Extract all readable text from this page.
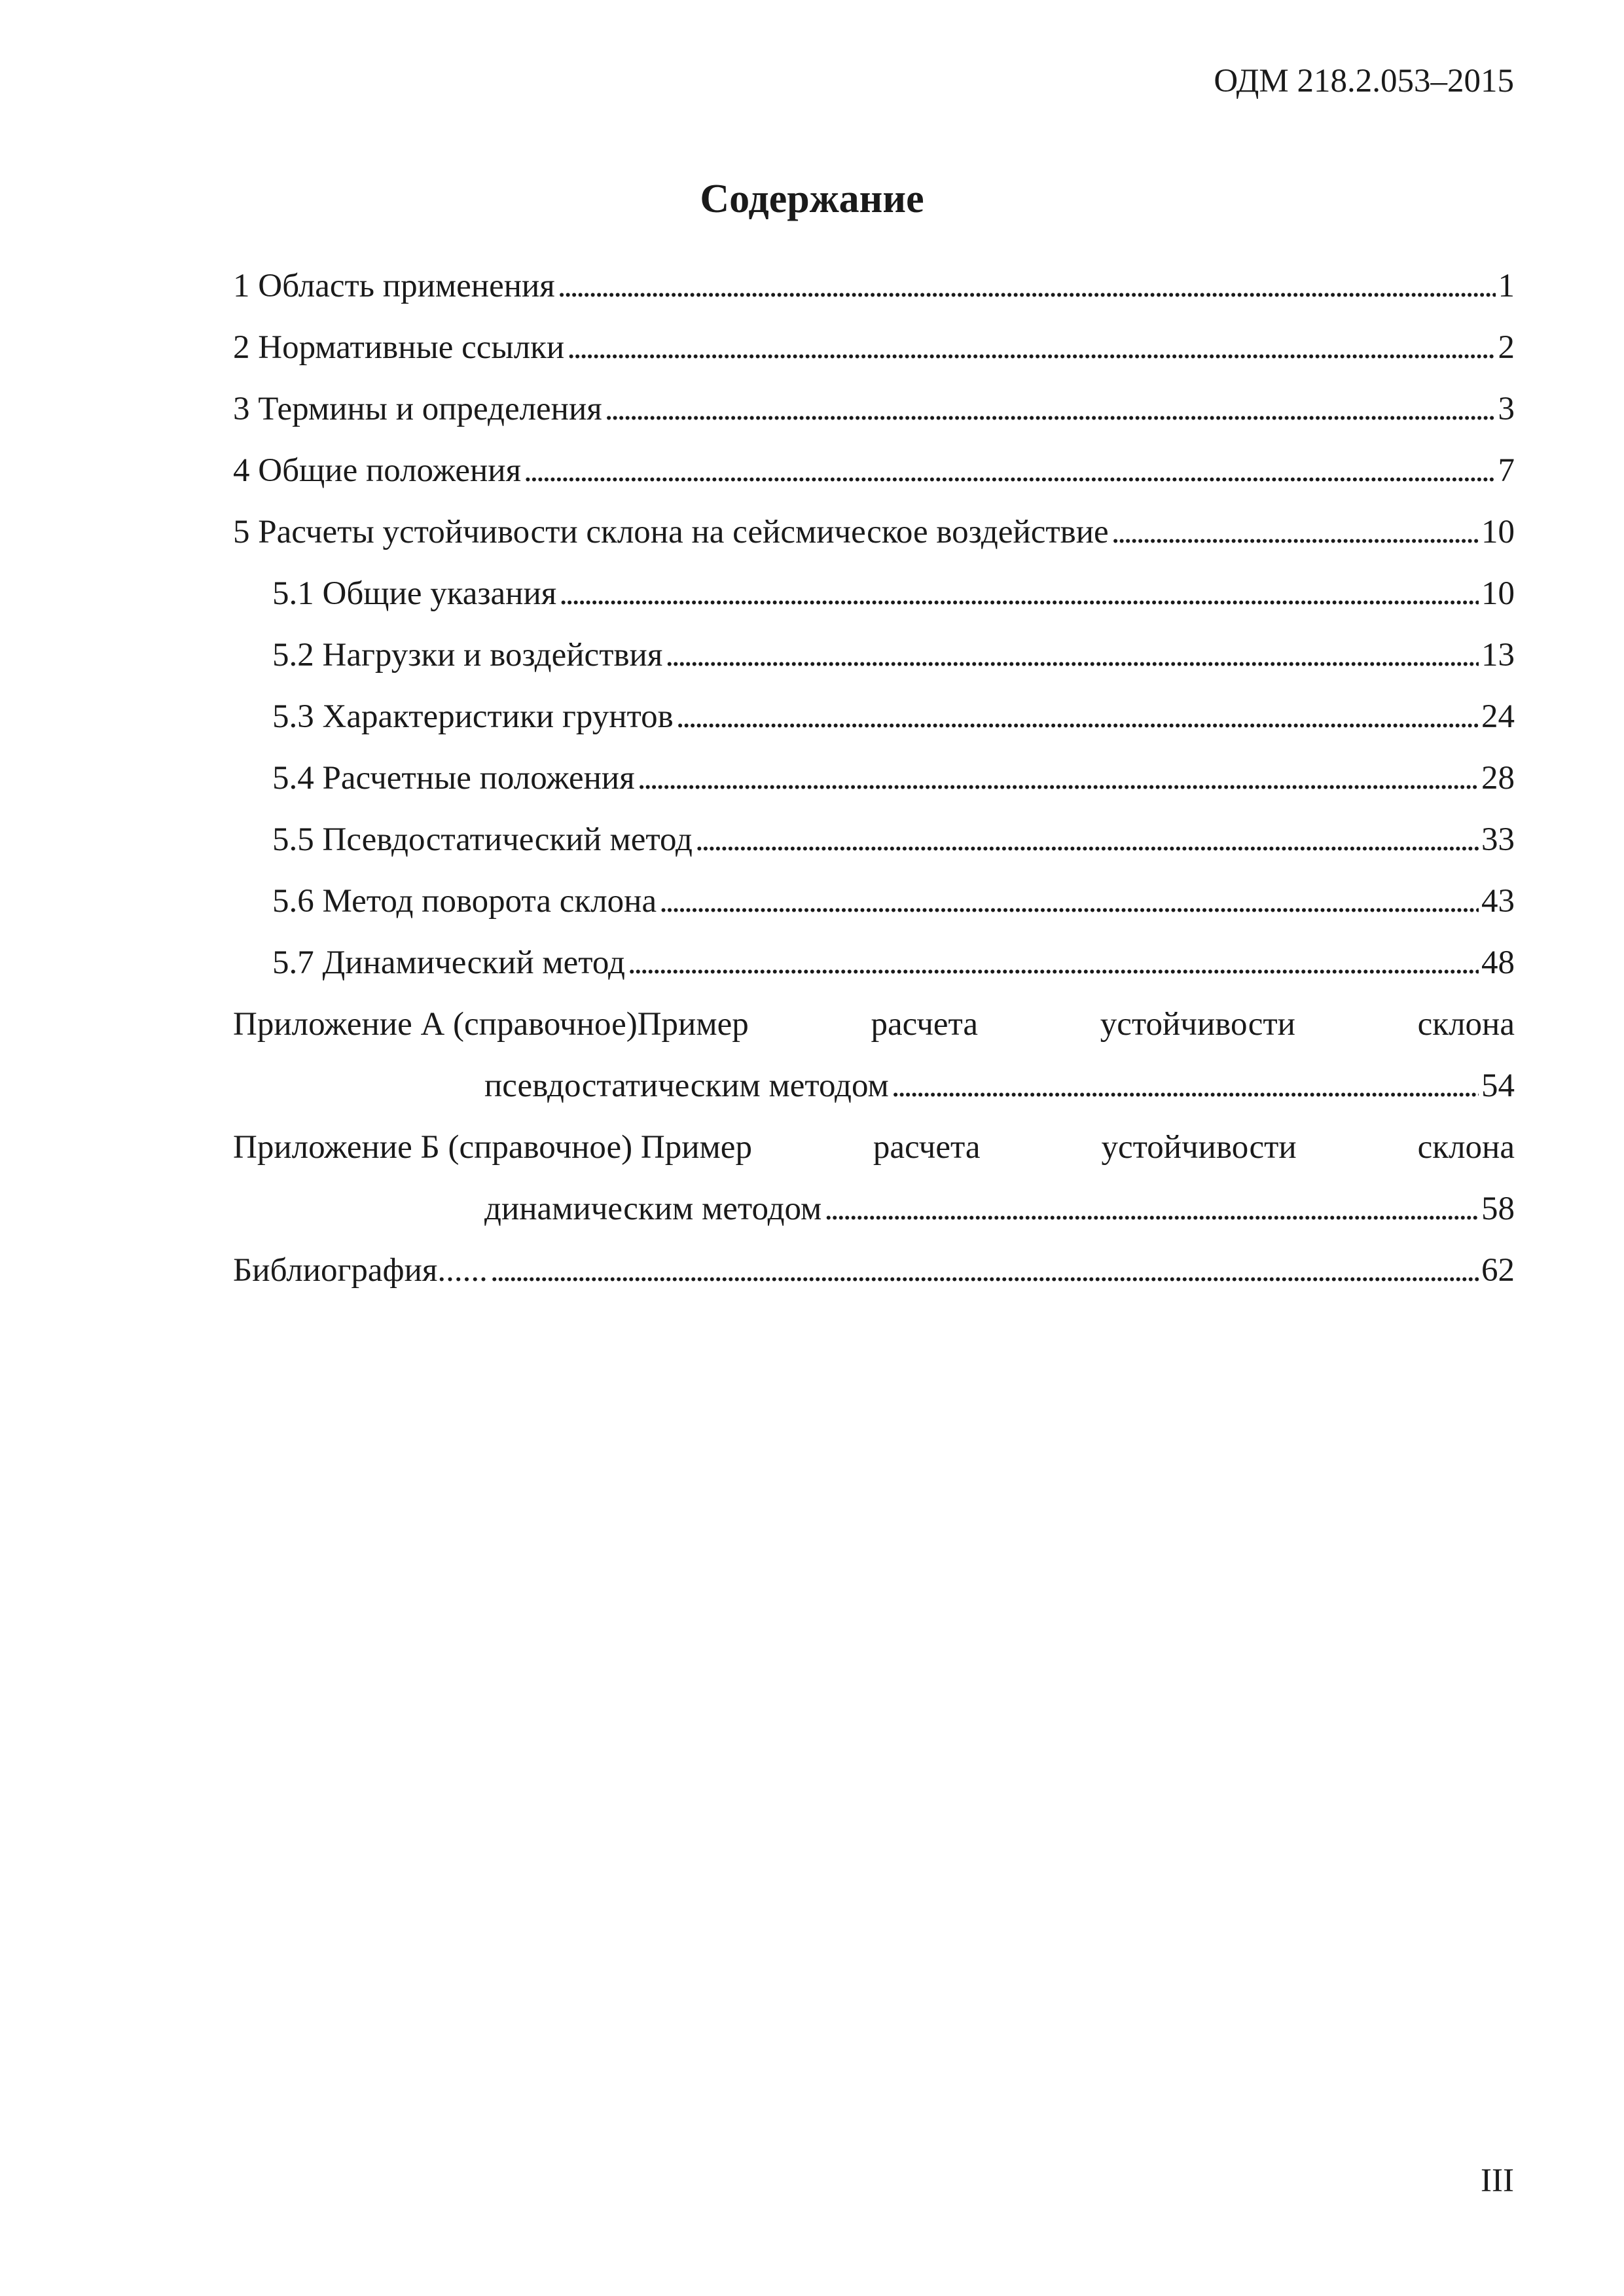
ОДМ 218.2.053–2015
Содержание
1 Область применения . . .	1
2 Нормативные ссылки . . .	2
3 Термины и определения . . .	3
4 Общие положения . . .	7
5 Расчеты устойчивости склона на сейсмическое воздействие . . .	10
5.1 Общие указания . . .	10
5.2 Нагрузки и воздействия . . .	13
5.3 Характеристики грунтов . . .	24
5.4 Расчетные положения . . .	28
5.5 Псевдостатический метод . . .	33
5.6 Метод поворота склона . . .	43
5.7 Динамический метод . . .	48
Приложение А (справочное)Пример	расчета	устойчивости	склона
псевдостатическим методом . . .	54
Приложение Б (справочное) Пример	расчета	устойчивости	склона
динамическим методом . . .	58
Библиография...... . . .	62
III
